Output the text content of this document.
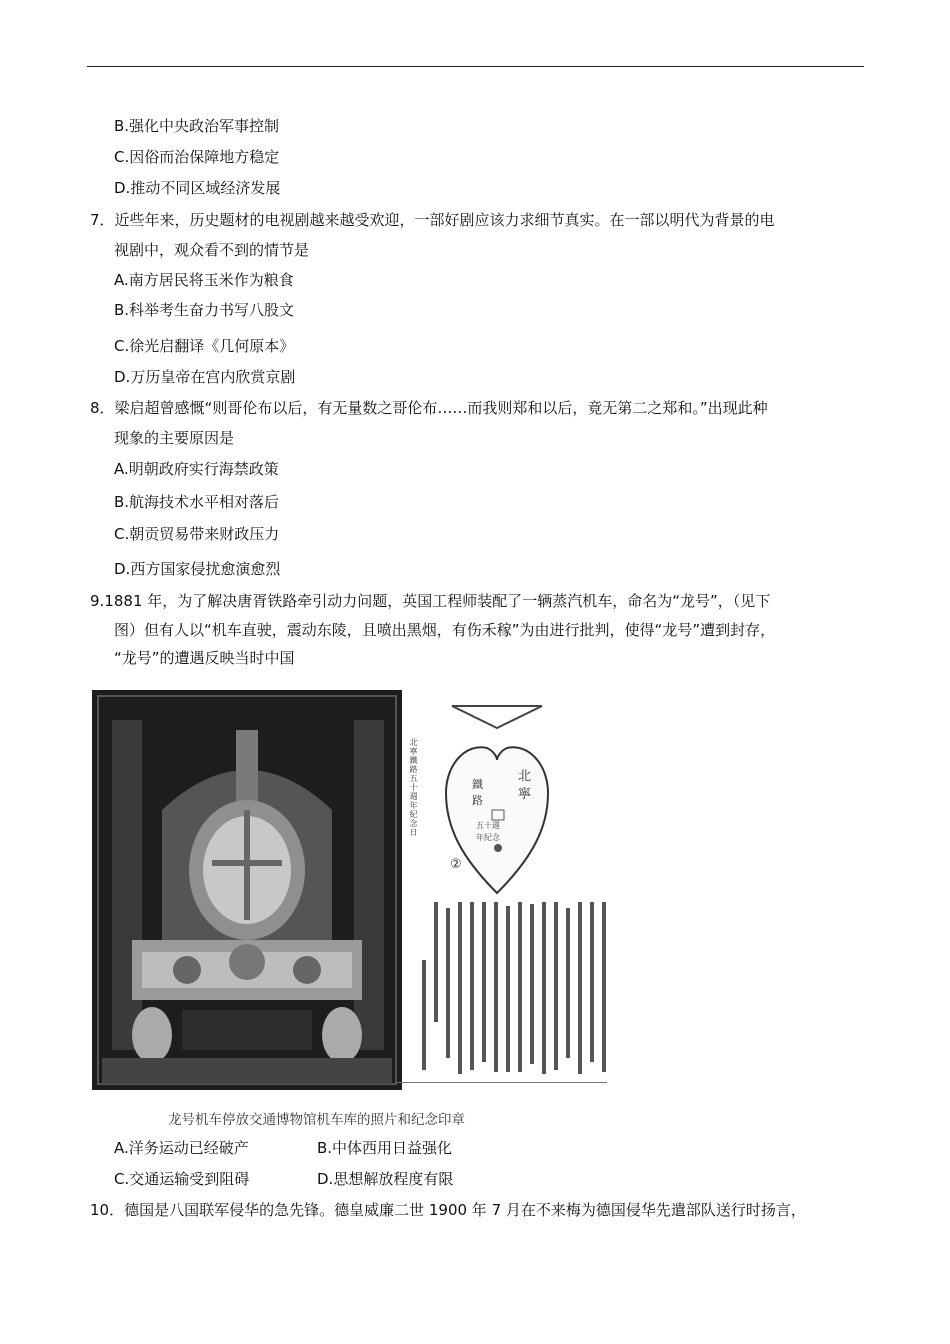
B.强化中央政治军事控制
C.因俗而治保障地方稳定
D.推动不同区域经济发展
7．近些年来，历史题材的电视剧越来越受欢迎，一部好剧应该力求细节真实。在一部以明代为背景的电
视剧中，观众看不到的情节是
A.南方居民将玉米作为粮食
B.科举考生奋力书写八股文
C.徐光启翻译《几何原本》
D.万历皇帝在宫内欣赏京剧
8．梁启超曾感慨“则哥伦布以后，有无量数之哥伦布……而我则郑和以后，竟无第二之郑和。”出现此种
现象的主要原因是
A.明朝政府实行海禁政策
B.航海技术水平相对落后
C.朝贡贸易带来财政压力
D.西方国家侵扰愈演愈烈
9.1881 年，为了解决唐胥铁路牵引动力问题，英国工程师装配了一辆蒸汽机车，命名为“龙号”，（见下
图）但有人以“机车直驶，震动东陵，且喷出黑烟，有伤禾稼”为由进行批判，使得“龙号”遭到封存，
“龙号”的遭遇反映当时中国
北
寧
鐵
路
五十週
年紀念
②
北寧鐵路五十週年紀念日
龙号机车停放交通博物馆机车库的照片和纪念印章
A.洋务运动已经破产	B.中体西用日益强化
C.交通运输受到阻碍	D.思想解放程度有限
10．德国是八国联军侵华的急先锋。德皇威廉二世 1900 年 7 月在不来梅为德国侵华先遣部队送行时扬言，
